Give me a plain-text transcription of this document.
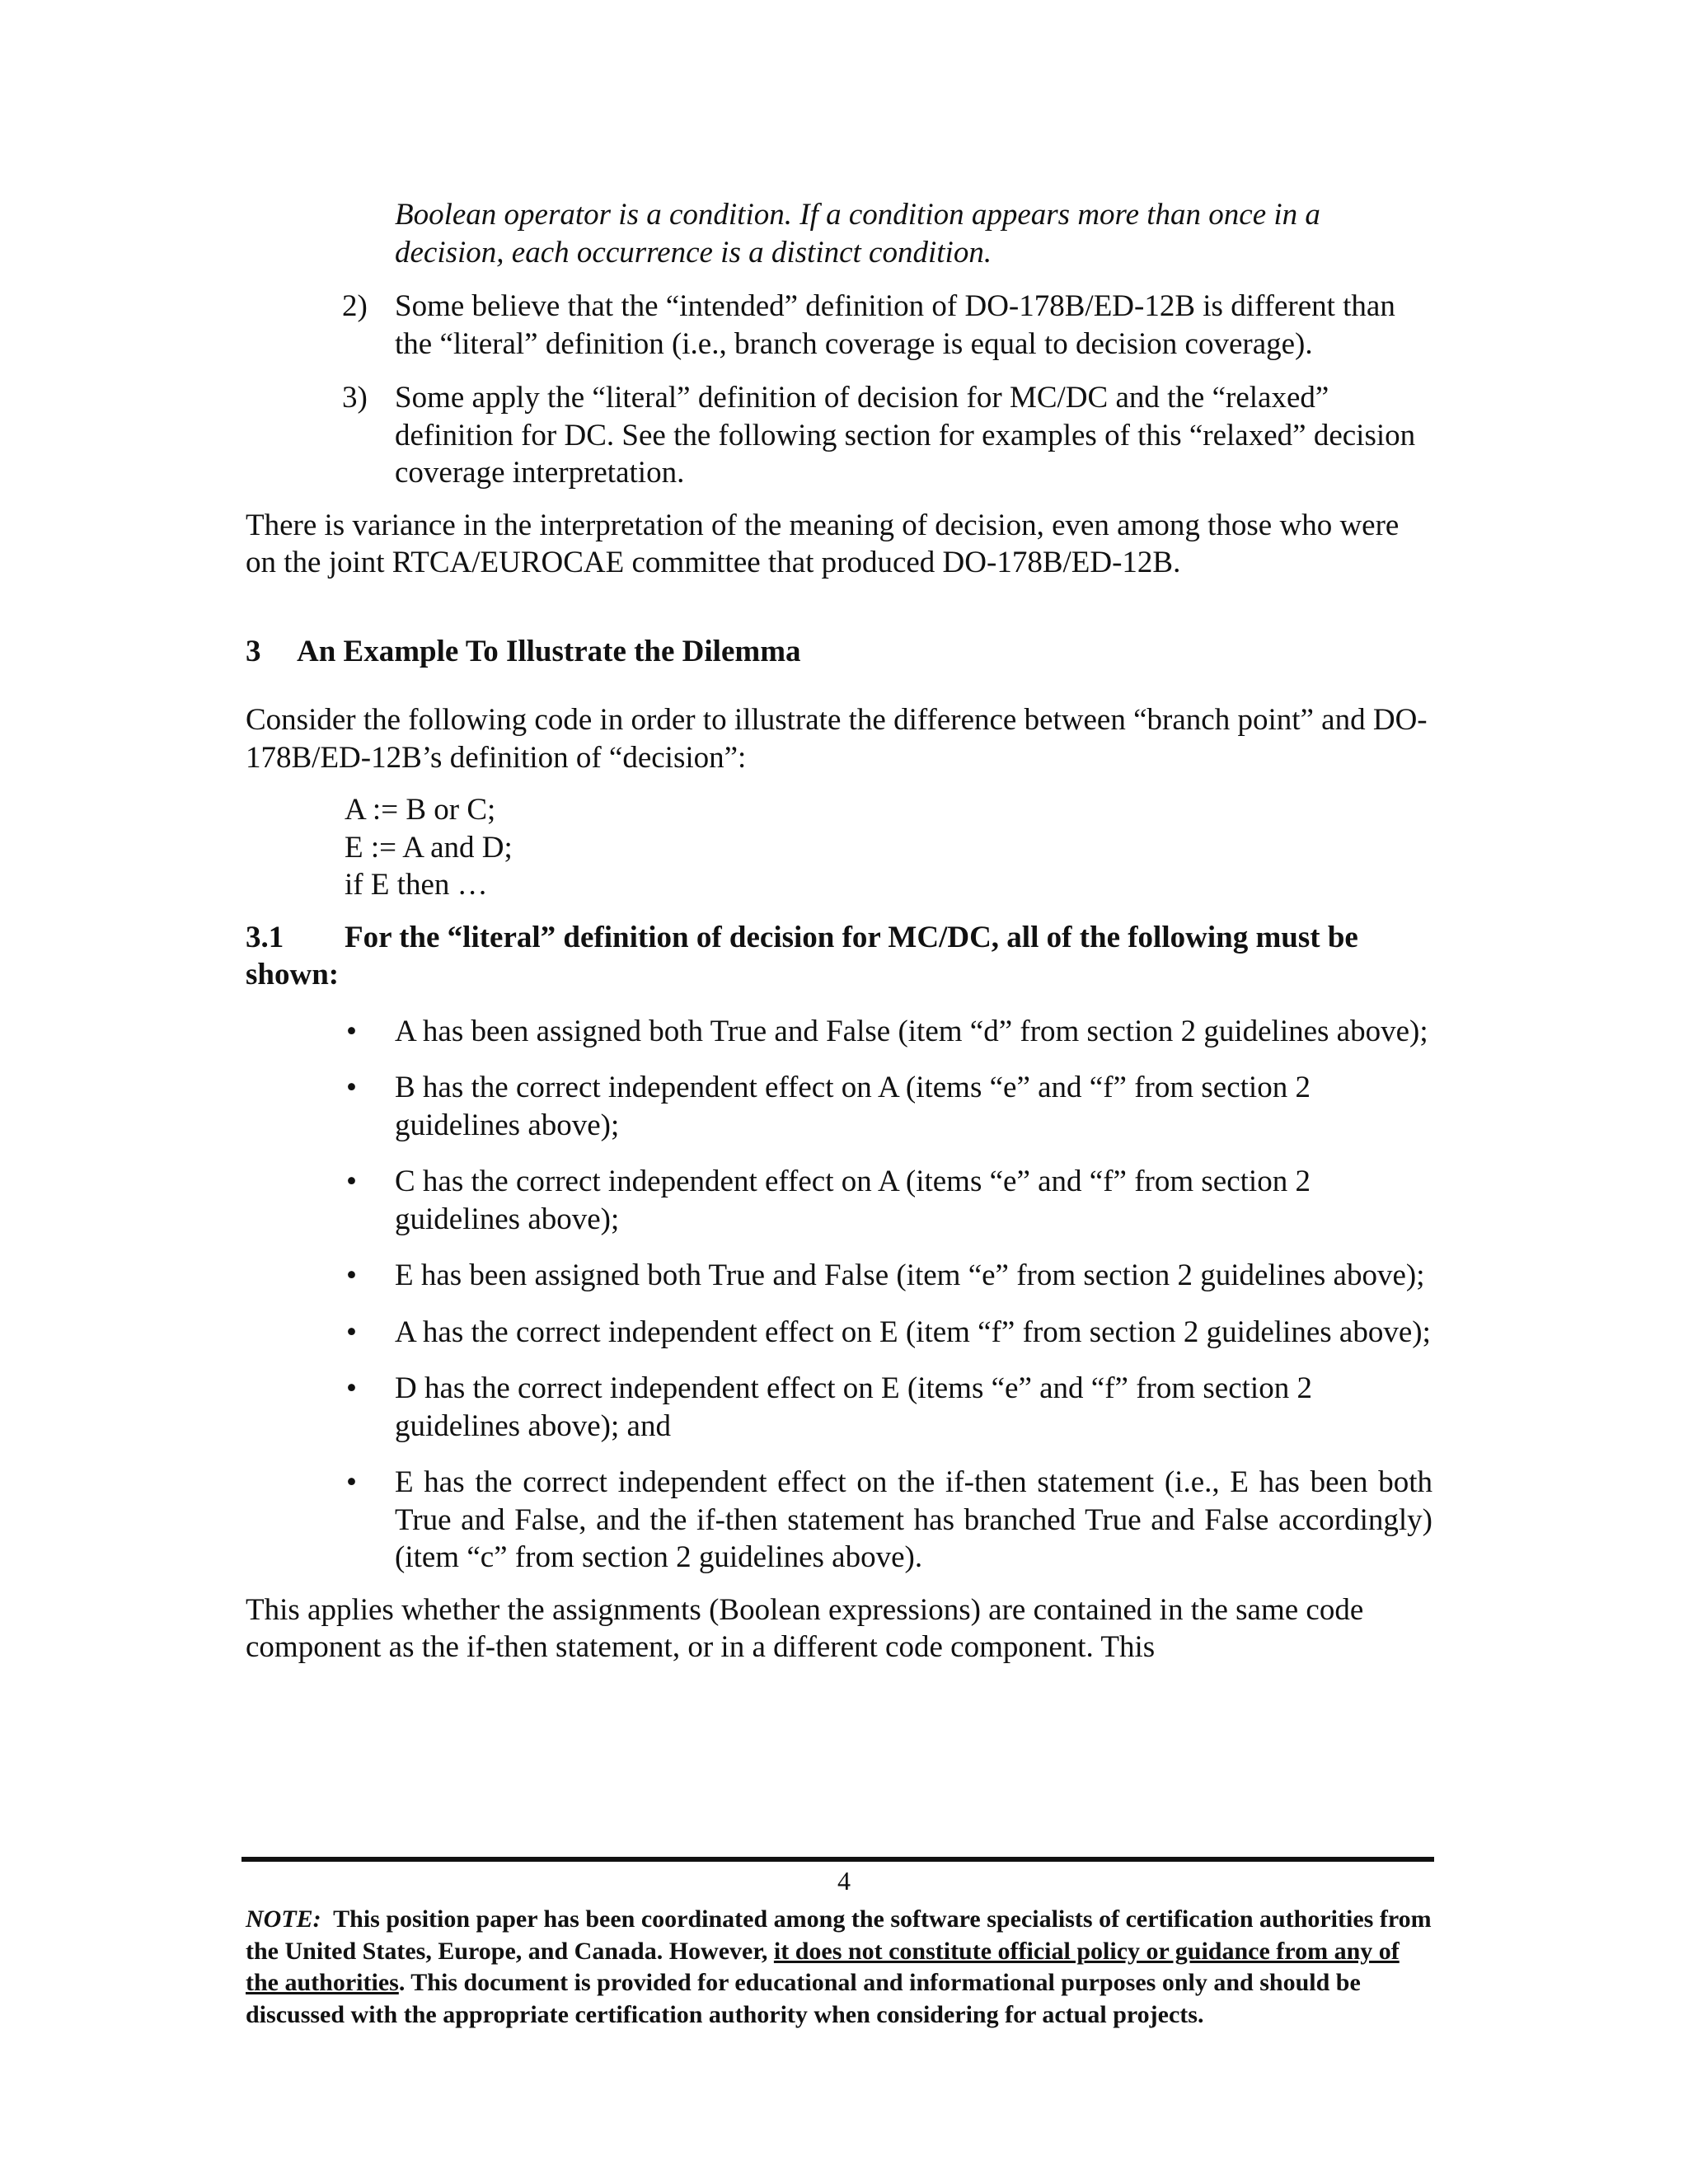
Boolean operator is a condition. If a condition appears more than once in a decision, each occurrence is a distinct condition.

2) Some believe that the “intended” definition of DO-178B/ED-12B is different than the “literal” definition (i.e., branch coverage is equal to decision coverage).
3) Some apply the “literal” definition of decision for MC/DC and the “relaxed” definition for DC. See the following section for examples of this “relaxed” decision coverage interpretation.

There is variance in the interpretation of the meaning of decision, even among those who were on the joint RTCA/EUROCAE committee that produced DO-178B/ED-12B.

3 An Example To Illustrate the Dilemma

Consider the following code in order to illustrate the difference between “branch point” and DO-178B/ED-12B’s definition of “decision”:

A := B or C;
E := A and D;
if E then …
3.1 For the “literal” definition of decision for MC/DC, all of the following must be shown:
• A has been assigned both True and False (item “d” from section 2 guidelines above);
• B has the correct independent effect on A (items “e” and “f” from section 2 guidelines above);
• C has the correct independent effect on A (items “e” and “f” from section 2 guidelines above);
• E has been assigned both True and False (item “e” from section 2 guidelines above);
• A has the correct independent effect on E (item “f” from section 2 guidelines above);
• D has the correct independent effect on E (items “e” and “f” from section 2 guidelines above); and
• E has the correct independent effect on the if-then statement (i.e., E has been both True and False, and the if-then statement has branched True and False accordingly) (item “c” from section 2 guidelines above).

This applies whether the assignments (Boolean expressions) are contained in the same code component as the if-then statement, or in a different code component. This

4
NOTE: This position paper has been coordinated among the software specialists of certification authorities from the United States, Europe, and Canada. However, it does not constitute official policy or guidance from any of the authorities. This document is provided for educational and informational purposes only and should be discussed with the appropriate certification authority when considering for actual projects.
